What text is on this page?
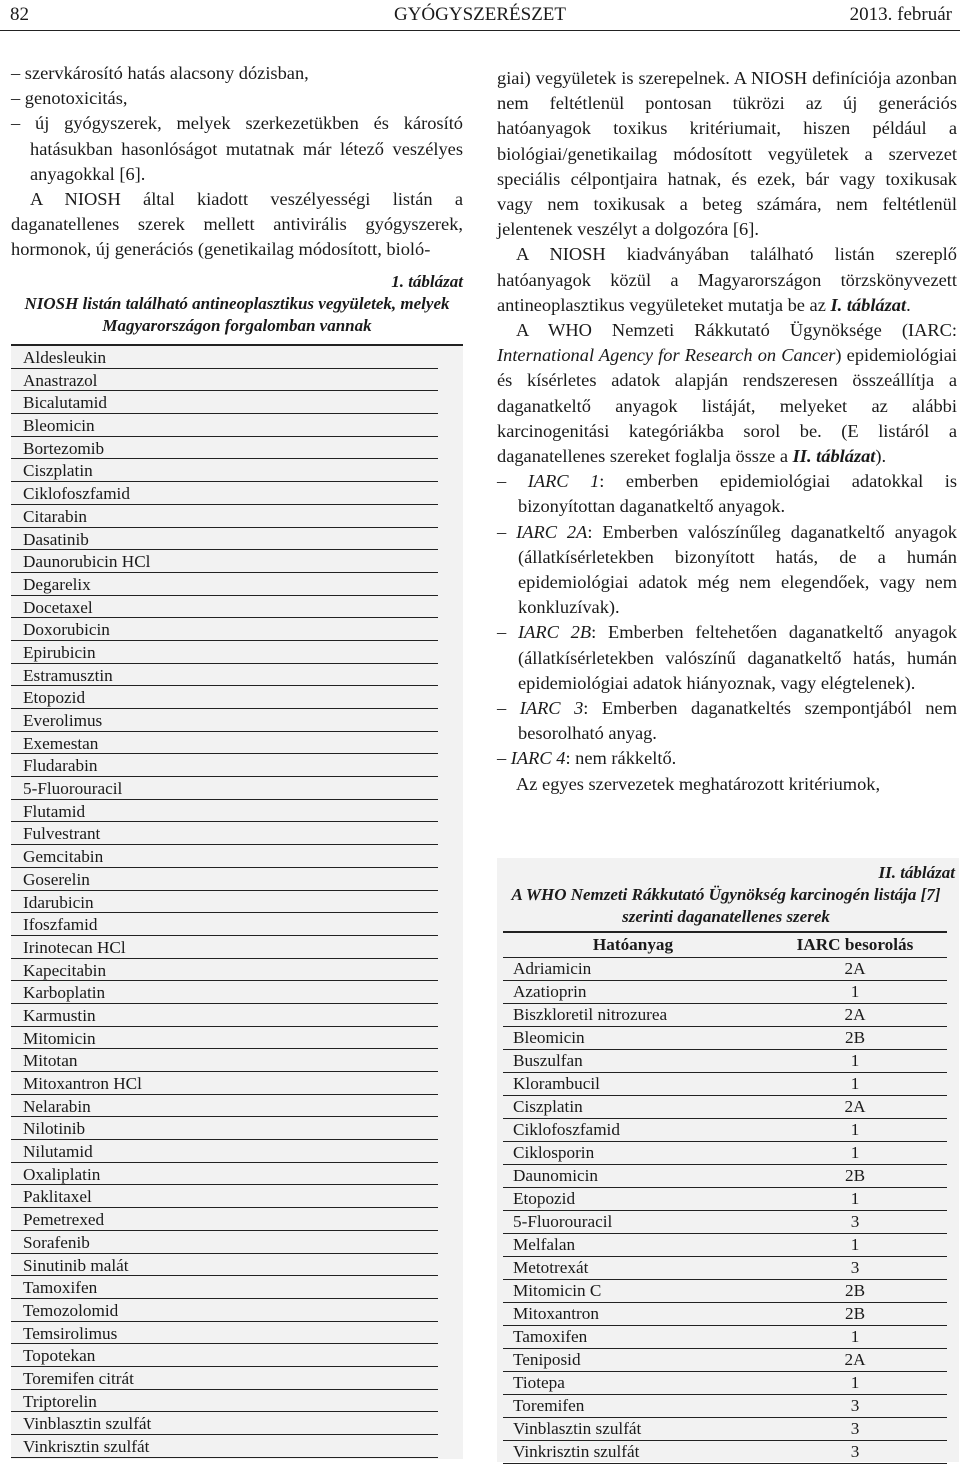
GYÓGYSZERÉSZET
82	2013. február
– szervkárosító hatás alacsony dózisban,
– genotoxicitás,
– új gyógyszerek, melyek szerkezetükben és károsító hatásukban hasonlóságot mutatnak már létező veszélyes anyagokkal [6].

A NIOSH által kiadott veszélyességi listán a daganatellenes szerek mellett antivirális gyógyszerek, hormonok, új generációs (genetikailag módosított, bioló-

1. táblázat
NIOSH listán található antineoplasztikus vegyületek, melyek Magyarországon forgalomban vannak
Aldesleukin
Anastrazol
Bicalutamid
Bleomicin
Bortezomib
Ciszplatin
Ciklofoszfamid
Citarabin
Dasatinib
Daunorubicin HCl
Degarelix
Docetaxel
Doxorubicin
Epirubicin
Estramusztin
Etopozid
Everolimus
Exemestan
Fludarabin
5-Fluorouracil
Flutamid
Fulvestrant
Gemcitabin
Goserelin
Idarubicin
Ifoszfamid
Irinotecan HCl
Kapecitabin
Karboplatin
Karmustin
Mitomicin
Mitotan
Mitoxantron HCl
Nelarabin
Nilotinib
Nilutamid
Oxaliplatin
Paklitaxel
Pemetrexed
Sorafenib
Sinutinib malát
Tamoxifen
Temozolomid
Temsirolimus
Topotekan
Toremifen citrát
Triptorelin
Vinblasztin szulfát
Vinkrisztin szulfát

giai) vegyületek is szerepelnek. A NIOSH definíciója azonban nem feltétlenül pontosan tükrözi az új generációs hatóanyagok toxikus kritériumait, hiszen például a biológiai/genetikailag módosított vegyületek a szervezet speciális célpontjaira hatnak, és ezek, bár vagy toxikusak vagy nem toxikusak a beteg számára, nem feltétlenül jelentenek veszélyt a dolgozóra [6].

A NIOSH kiadványában található listán szereplő hatóanyagok közül a Magyarországon törzskönyvezett antineoplasztikus vegyületeket mutatja be az I. táblázat.

A WHO Nemzeti Rákkutató Ügynöksége (IARC: International Agency for Research on Cancer) epidemiológiai és kísérletes adatok alapján rendszeresen összeállítja a daganatkeltő anyagok listáját, melyeket az alábbi karcinogenitási kategóriákba sorol be. (E listáról a daganatellenes szereket foglalja össze a II. táblázat).

– IARC 1: emberben epidemiológiai adatokkal is bizonyítottan daganatkeltő anyagok.
– IARC 2A: Emberben valószínűleg daganatkeltő anyagok (állatkísérletekben bizonyított hatás, de a humán epidemiológiai adatok még nem elegendőek, vagy nem konkluzívak).
– IARC 2B: Emberben feltehetően daganatkeltő anyagok (állatkísérletekben valószínű daganatkeltő hatás, humán epidemiológiai adatok hiányoznak, vagy elégtelenek).
– IARC 3: Emberben daganatkeltés szempontjából nem besorolható anyag.
– IARC 4: nem rákkeltő.

Az egyes szervezetek meghatározott kritériumok,

II. táblázat
A WHO Nemzeti Rákkutató Ügynökség karcinogén listája [7] szerinti daganatellenes szerek
Hatóanyag	IARC besorolás
Adriamicin	2A
Azatioprin	1
Biszkloretil nitrozurea	2A
Bleomicin	2B
Buszulfan	1
Klorambucil	1
Ciszplatin	2A
Ciklofoszfamid	1
Ciklosporin	1
Daunomicin	2B
Etopozid	1
5-Fluorouracil	3
Melfalan	1
Metotrexát	3
Mitomicin C	2B
Mitoxantron	2B
Tamoxifen	1
Teniposid	2A
Tiotepa	1
Toremifen	3
Vinblasztin szulfát	3
Vinkrisztin szulfát	3
